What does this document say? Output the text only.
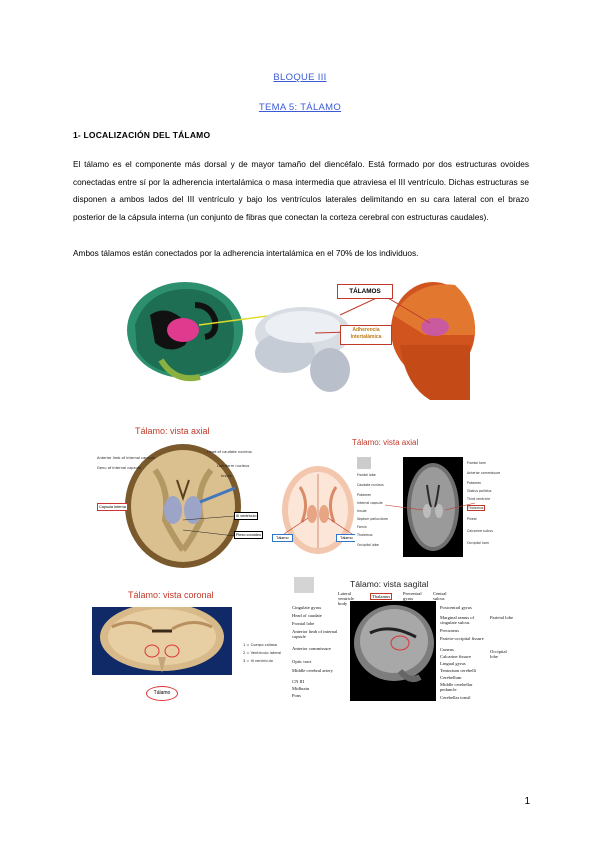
BLOQUE III
TEMA 5: TÁLAMO
1- LOCALIZACIÓN DEL TÁLAMO
El tálamo es el componente más dorsal y de mayor tamaño del diencéfalo. Está formado por dos estructuras ovoides conectadas entre sí por la adherencia intertalámica o masa intermedia que atraviesa el III ventrículo. Dichas estructuras se disponen a ambos lados del III ventrículo y bajo los ventrículos laterales delimitando en su cara lateral con el brazo posterior de la cápsula interna (un conjunto de fibras que conectan la corteza cerebral con estructuras caudales).
Ambos tálamos están conectados por la adherencia intertalámica en el 70% de los individuos.
TÁLAMOS
Adherencia Intertalámica
Tálamo: vista axial
Anterior limb of internal capsule
Genu of internal capsule
Head of caudate nucleus
Lentiform nucleus
Insula
Capsula Interna
III ventriculo
Plexo coroideo
Tálamo	Tálamo
Tálamo: vista axial
Frontal lobe
Caudate nucleus
Putamen
Internal capsule
Insula
Septum pellucidum
Fornix
Thalamus
Occipital lobe
Frontal horn
Anterior commissure
Putamen
Globus pallidus
Third ventricle
Thalamus
Pineal
Calcarine sulcus
Occipital horn
Tálamo: vista coronal
1 = Cuerpo calloso
2 = Ventrículo lateral
3 = III ventrículo
Tálamo
Tálamo: vista sagital
Lateral ventricle body
Thalamus
Precentral gyrus
Central sulcus
Cingulate gyrus
Head of caudate
Frontal lobe
Anterior limb of internal capsule
Anterior commissure
Optic tract
Middle cerebral artery
CN III
Midbrain
Pons
Postcentral gyrus
Marginal ramus of cingulate sulcus
Precuneus
Parieto-occipital fissure
Cuneus
Calcarine fissure
Lingual gyrus
Tentorium cerebelli
Cerebellum
Middle cerebellar peduncle
Cerebellar tonsil
Parietal lobe
Occipital lobe
1
